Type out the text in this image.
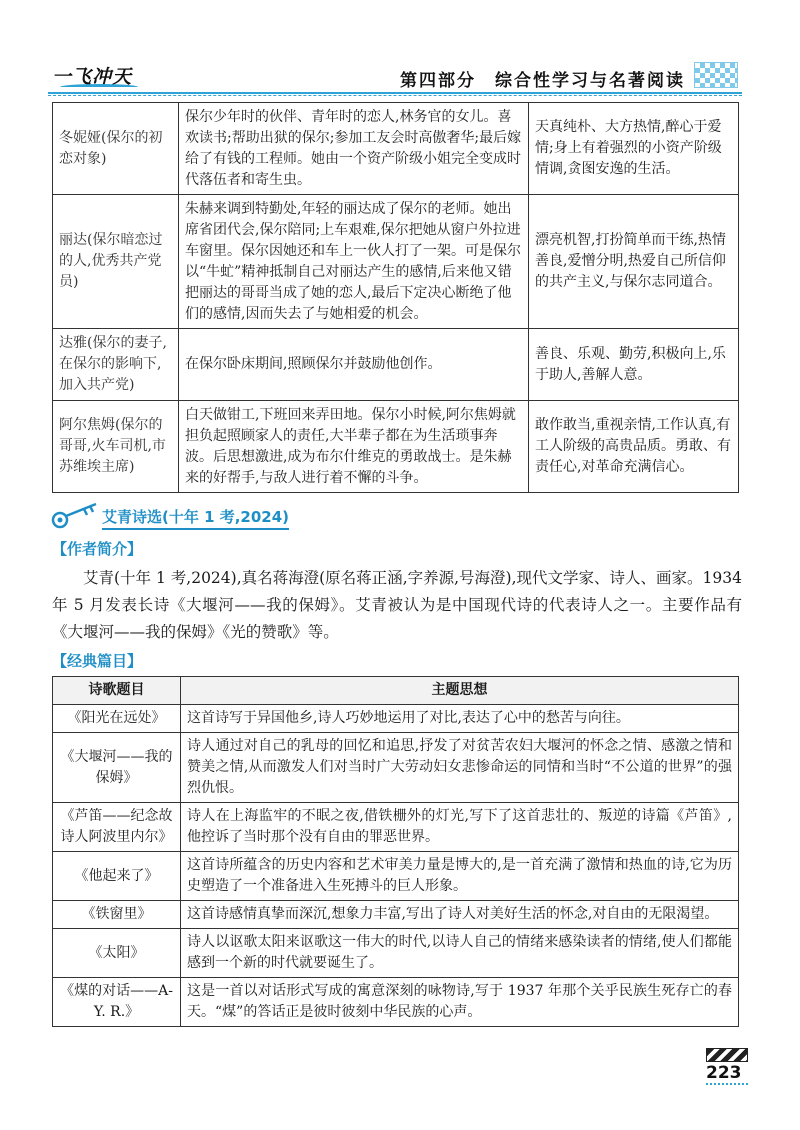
一飞冲天	第四部分　综合性学习与名著阅读
冬妮娅(保尔的初恋对象)	保尔少年时的伙伴、青年时的恋人,林务官的女儿。喜欢读书;帮助出狱的保尔;参加工友会时高傲奢华;最后嫁给了有钱的工程师。她由一个资产阶级小姐完全变成时代落伍者和寄生虫。	天真纯朴、大方热情,醉心于爱情;身上有着强烈的小资产阶级情调,贪图安逸的生活。
丽达(保尔暗恋过的人,优秀共产党员)	朱赫来调到特勤处,年轻的丽达成了保尔的老师。她出席省团代会,保尔陪同;上车艰难,保尔把她从窗户外拉进车窗里。保尔因她还和车上一伙人打了一架。可是保尔以“牛虻”精神抵制自己对丽达产生的感情,后来他又错把丽达的哥哥当成了她的恋人,最后下定决心断绝了他们的感情,因而失去了与她相爱的机会。	漂亮机智,打扮简单而干练,热情善良,爱憎分明,热爱自己所信仰的共产主义,与保尔志同道合。
达雅(保尔的妻子,在保尔的影响下,加入共产党)	在保尔卧床期间,照顾保尔并鼓励他创作。	善良、乐观、勤劳,积极向上,乐于助人,善解人意。
阿尔焦姆(保尔的哥哥,火车司机,市苏维埃主席)	白天做钳工,下班回来弄田地。保尔小时候,阿尔焦姆就担负起照顾家人的责任,大半辈子都在为生活琐事奔波。后思想激进,成为布尔什维克的勇敢战士。是朱赫来的好帮手,与敌人进行着不懈的斗争。	敢作敢当,重视亲情,工作认真,有工人阶级的高贵品质。勇敢、有责任心,对革命充满信心。
艾青诗选(十年 1 考,2024)
【作者简介】
艾青(十年 1 考,2024),真名蒋海澄(原名蒋正涵,字养源,号海澄),现代文学家、诗人、画家。1934 年 5 月发表长诗《大堰河——我的保姆》。艾青被认为是中国现代诗的代表诗人之一。主要作品有《大堰河——我的保姆》《光的赞歌》等。
【经典篇目】
诗歌题目	主题思想
《阳光在远处》	这首诗写于异国他乡,诗人巧妙地运用了对比,表达了心中的愁苦与向往。
《大堰河——我的保姆》	诗人通过对自己的乳母的回忆和追思,抒发了对贫苦农妇大堰河的怀念之情、感激之情和赞美之情,从而激发人们对当时广大劳动妇女悲惨命运的同情和当时“不公道的世界”的强烈仇恨。
《芦笛——纪念故诗人阿波里内尔》	诗人在上海监牢的不眠之夜,借铁栅外的灯光,写下了这首悲壮的、叛逆的诗篇《芦笛》,他控诉了当时那个没有自由的罪恶世界。
《他起来了》	这首诗所蕴含的历史内容和艺术审美力量是博大的,是一首充满了激情和热血的诗,它为历史塑造了一个准备进入生死搏斗的巨人形象。
《铁窗里》	这首诗感情真挚而深沉,想象力丰富,写出了诗人对美好生活的怀念,对自由的无限渴望。
《太阳》	诗人以讴歌太阳来讴歌这一伟大的时代,以诗人自己的情绪来感染读者的情绪,使人们都能感到一个新的时代就要诞生了。
《煤的对话——A-Y. R.》	这是一首以对话形式写成的寓意深刻的咏物诗,写于 1937 年那个关乎民族生死存亡的春天。“煤”的答话正是彼时彼刻中华民族的心声。
223
